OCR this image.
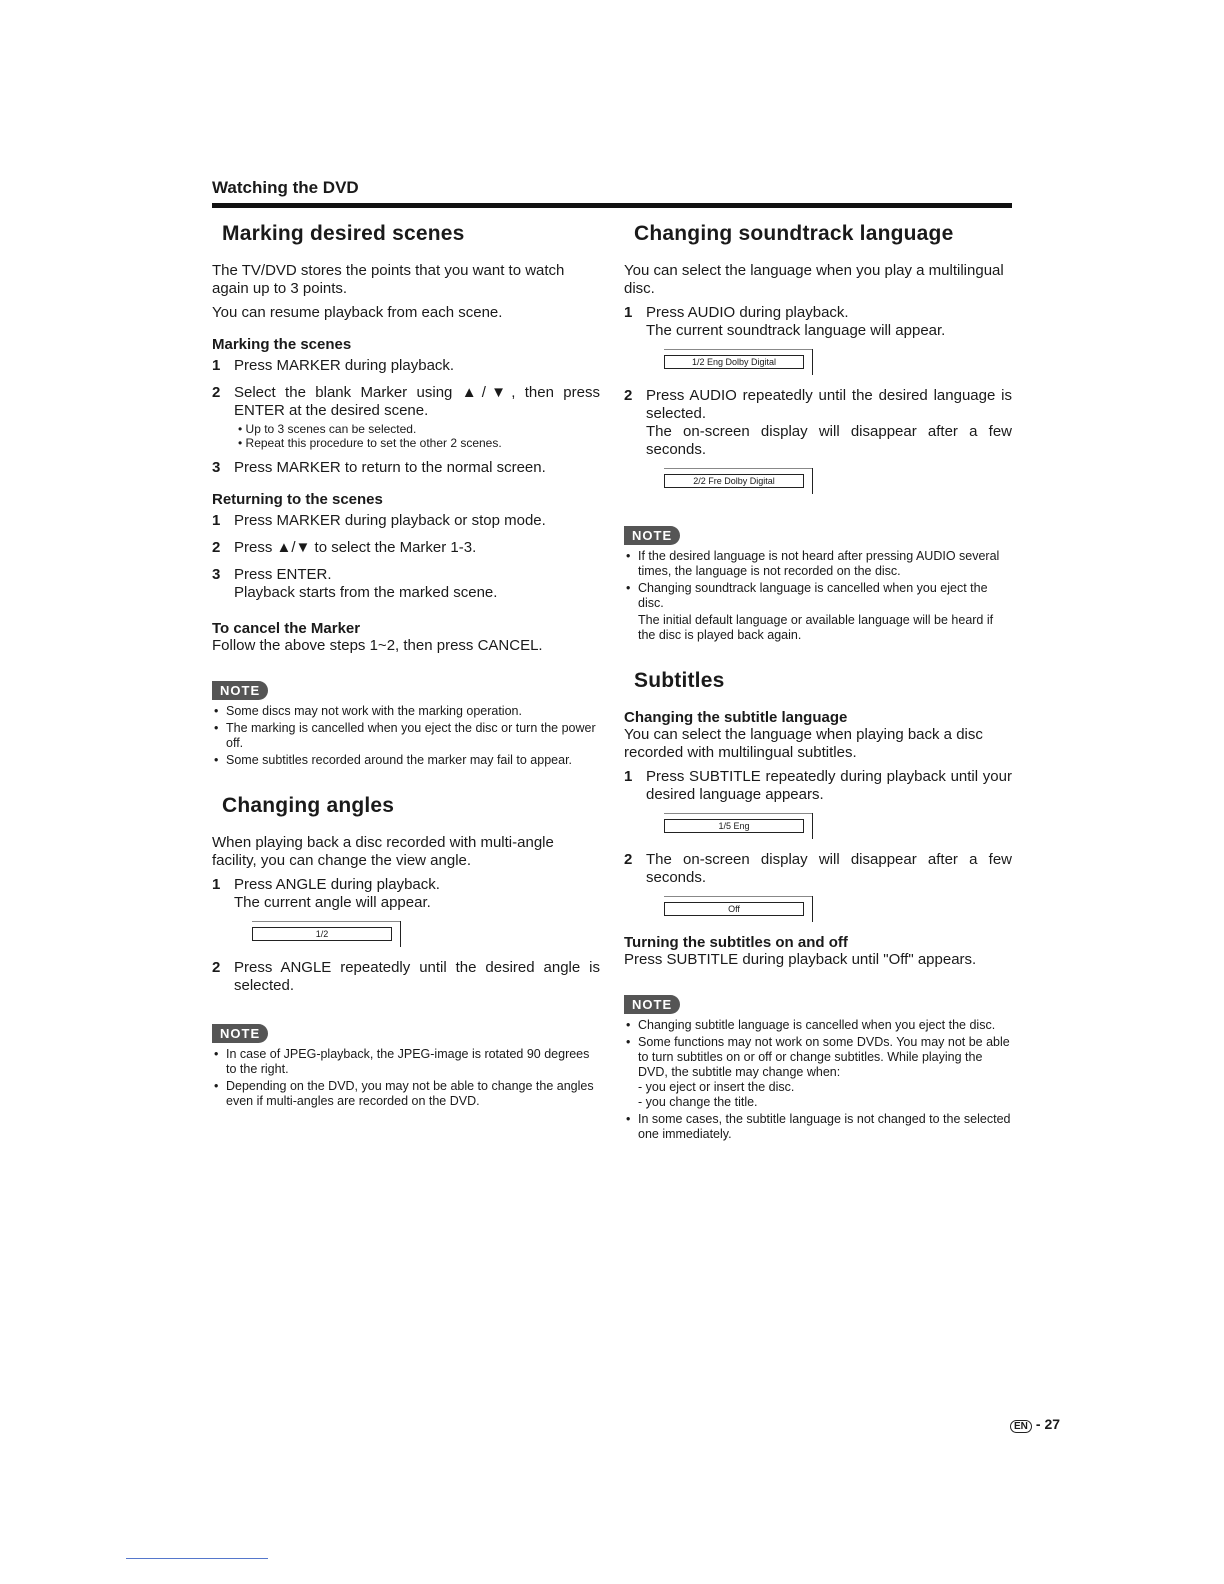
Watching the DVD
Marking desired scenes

The TV/DVD stores the points that you want to watch again up to 3 points.

You can resume playback from each scene.

Marking the scenes
1 Press MARKER during playback.
2 Select the blank Marker using ▲/▼, then press ENTER at the desired scene.
• Up to 3 scenes can be selected.
• Repeat this procedure to set the other 2 scenes.
3 Press MARKER to return to the normal screen.
Returning to the scenes
1 Press MARKER during playback or stop mode.
2 Press ▲/▼ to select the Marker 1-3.
3 Press ENTER.
Playback starts from the marked scene.
To cancel the Marker

Follow the above steps 1~2, then press CANCEL.

NOTE
• Some discs may not work with the marking operation.
• The marking is cancelled when you eject the disc or turn the power off.
• Some subtitles recorded around the marker may fail to appear.
Changing angles

When playing back a disc recorded with multi-angle facility, you can change the view angle.

1 Press ANGLE during playback.
The current angle will appear.
1/2
2 Press ANGLE repeatedly until the desired angle is selected.
NOTE
• In case of JPEG-playback, the JPEG-image is rotated 90 degrees to the right.
• Depending on the DVD, you may not be able to change the angles even if multi-angles are recorded on the DVD.
Changing soundtrack language

You can select the language when you play a multilingual disc.

1 Press AUDIO during playback.
The current soundtrack language will appear.
1/2 Eng Dolby Digital
2 Press AUDIO repeatedly until the desired language is selected.
The on-screen display will disappear after a few seconds.
2/2 Fre Dolby Digital
NOTE
• If the desired language is not heard after pressing AUDIO several times, the language is not recorded on the disc.
• Changing soundtrack language is cancelled when you eject the disc.
The initial default language or available language will be heard if the disc is played back again.
Subtitles
Changing the subtitle language

You can select the language when playing back a disc recorded with multilingual subtitles.

1 Press SUBTITLE repeatedly during playback until your desired language appears.
1/5 Eng
2 The on-screen display will disappear after a few seconds.
Off
Turning the subtitles on and off

Press SUBTITLE during playback until "Off" appears.

NOTE
• Changing subtitle language is cancelled when you eject the disc.
• Some functions may not work on some DVDs. You may not be able to turn subtitles on or off or change subtitles. While playing the DVD, the subtitle may change when:
- you eject or insert the disc.
- you change the title.
• In some cases, the subtitle language is not changed to the selected one immediately.
EN - 27
